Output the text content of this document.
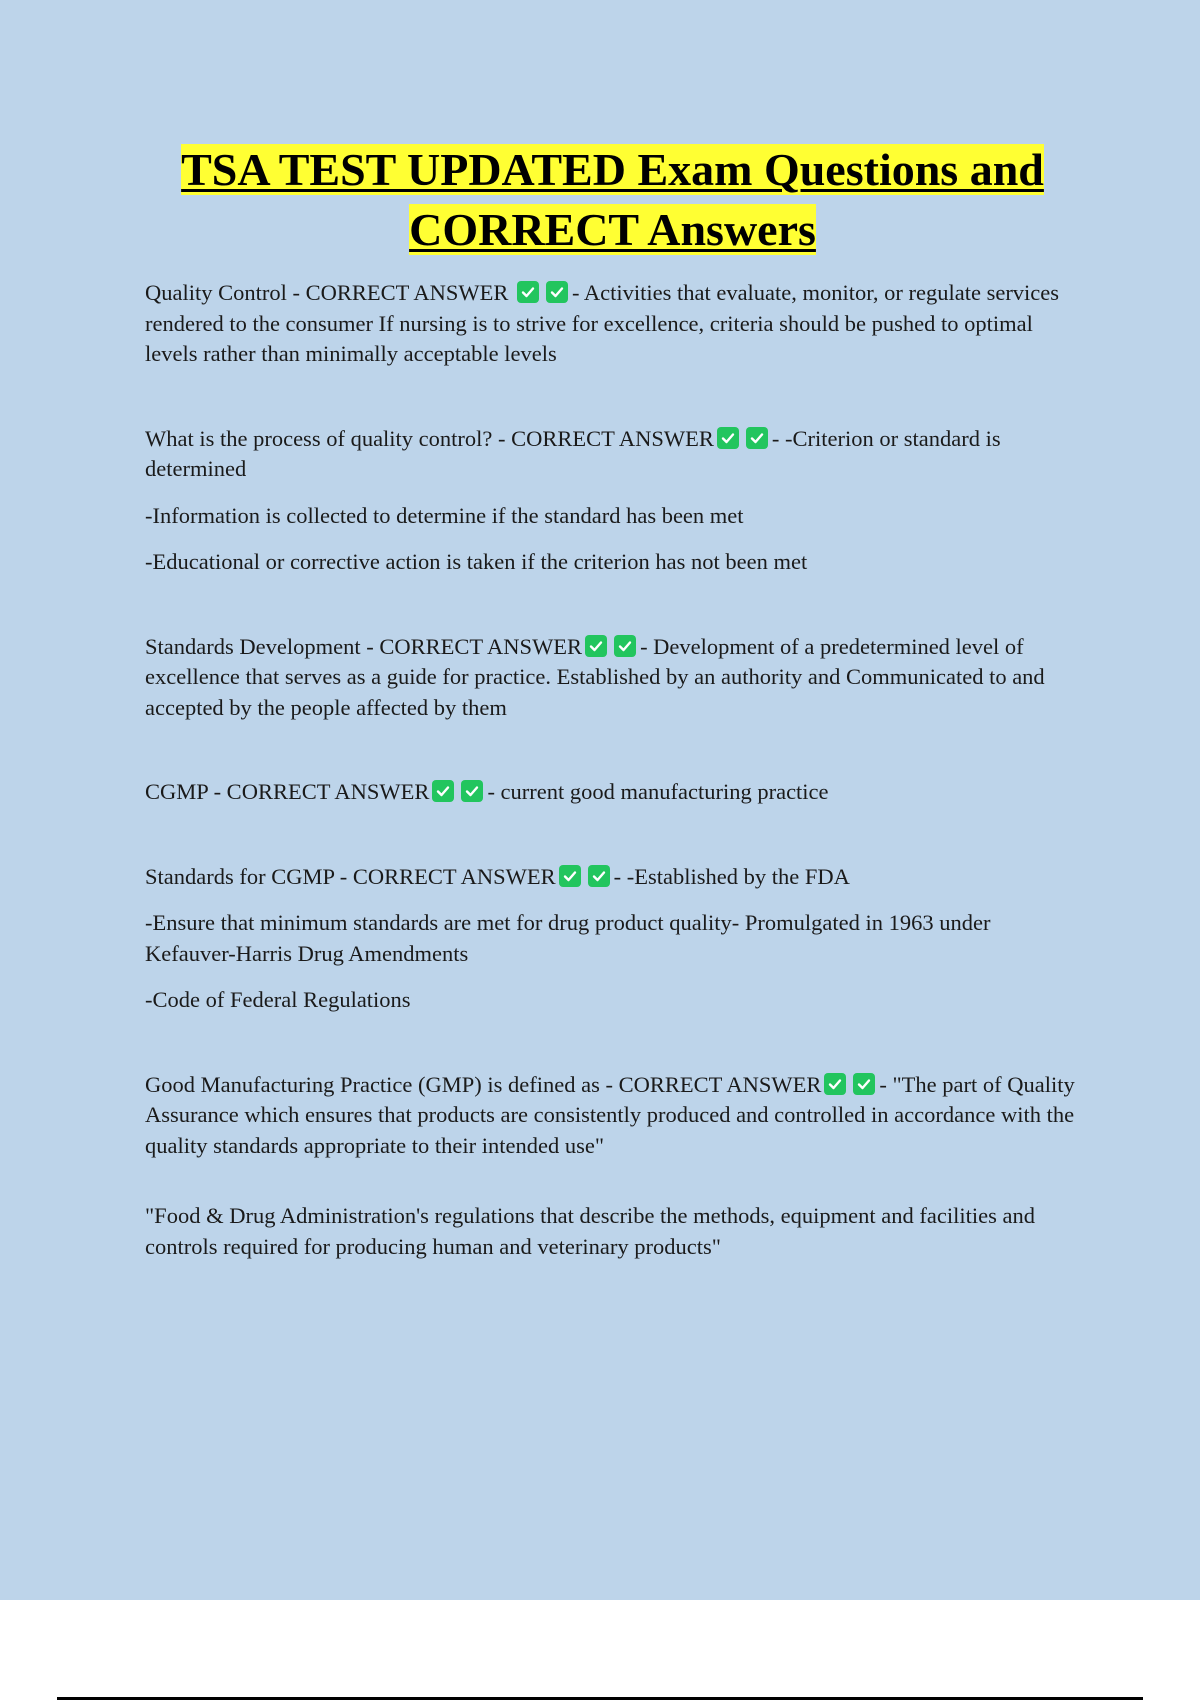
TSA TEST UPDATED Exam Questions and
CORRECT Answers

Quality Control - CORRECT ANSWER	- Activities that evaluate, monitor, or regulate services rendered to the consumer If nursing is to strive for excellence, criteria should be pushed to optimal levels rather than minimally acceptable levels

What is the process of quality control? - CORRECT ANSWER	- -Criterion or standard is determined

-Information is collected to determine if the standard has been met

-Educational or corrective action is taken if the criterion has not been met

Standards Development - CORRECT ANSWER	- Development of a predetermined level of excellence that serves as a guide for practice. Established by an authority and Communicated to and accepted by the people affected by them

CGMP - CORRECT ANSWER	- current good manufacturing practice

Standards for CGMP - CORRECT ANSWER	- -Established by the FDA

-Ensure that minimum standards are met for drug product quality- Promulgated in 1963 under Kefauver-Harris Drug Amendments

-Code of Federal Regulations

Good Manufacturing Practice (GMP) is defined as - CORRECT ANSWER	- "The part of Quality Assurance which ensures that products are consistently produced and controlled in accordance with the quality standards appropriate to their intended use"

"Food & Drug Administration's regulations that describe the methods, equipment and facilities and controls required for producing human and veterinary products"
